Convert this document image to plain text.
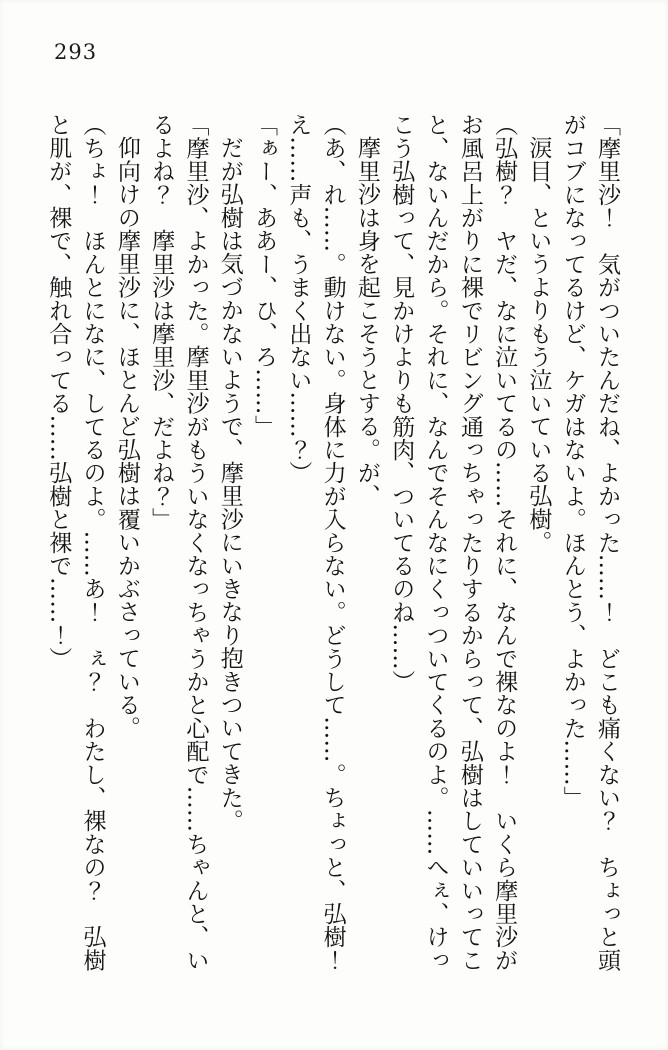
293

「摩里沙！　気がついたんだね、よかった……！　どこも痛くない？　ちょっと頭がコブになってるけど、ケガはないよ。ほんとう、よかった……」

涙目、というよりもう泣いている弘樹。

（弘樹？　ヤだ、なに泣いてるの……それに、なんで裸なのよ！　いくら摩里沙がお風呂上がりに裸でリビング通っちゃったりするからって、弘樹はしていいってこと、ないんだから。それに、なんでそんなにくっついてくるのよ。……へぇ、けっこう弘樹って、見かけよりも筋肉、ついてるのね……）

摩里沙は身を起こそうとする。が、

（あ、れ……。動けない。身体に力が入らない。どうして……。ちょっと、弘樹！　え……声も、うまく出ない……？）

「ぁー、ああー、ひ、ろ……」

だが弘樹は気づかないようで、摩里沙にいきなり抱きついてきた。

「摩里沙、よかった。摩里沙がもういなくなっちゃうかと心配で……ちゃんと、いるよね？　摩里沙は摩里沙、だよね？」

仰向けの摩里沙に、ほとんど弘樹は覆いかぶさっている。

（ちょ！　ほんとになに、してるのよ。……あ！　ぇ？　わたし、裸なの？　弘樹と肌が、裸で、触れ合ってる……弘樹と裸で……！）
